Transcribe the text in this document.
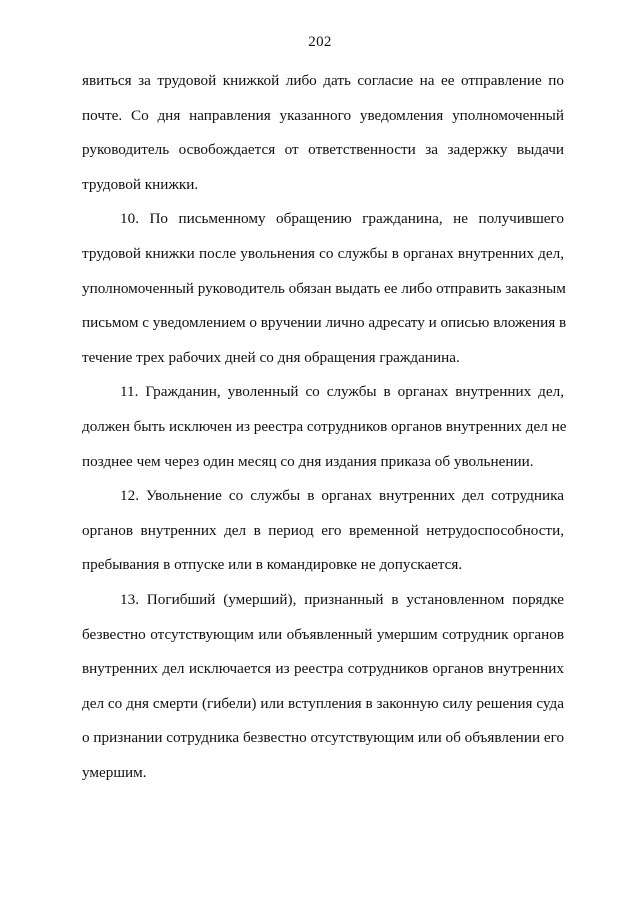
202
явиться за трудовой книжкой либо дать согласие на ее отправление по
почте. Со дня направления указанного уведомления уполномоченный
руководитель освобождается от ответственности за задержку выдачи
трудовой книжки.
10. По письменному обращению гражданина, не получившего
трудовой книжки после увольнения со службы в органах внутренних дел,
уполномоченный руководитель обязан выдать ее либо отправить заказным
письмом с уведомлением о вручении лично адресату и описью вложения в
течение трех рабочих дней со дня обращения гражданина.
11. Гражданин, уволенный со службы в органах внутренних дел,
должен быть исключен из реестра сотрудников органов внутренних дел не
позднее чем через один месяц со дня издания приказа об увольнении.
12. Увольнение со службы в органах внутренних дел сотрудника
органов внутренних дел в период его временной нетрудоспособности,
пребывания в отпуске или в командировке не допускается.
13. Погибший (умерший), признанный в установленном порядке
безвестно отсутствующим или объявленный умершим сотрудник органов
внутренних дел исключается из реестра сотрудников органов внутренних
дел со дня смерти (гибели) или вступления в законную силу решения суда
о признании сотрудника безвестно отсутствующим или об объявлении его
умершим.
